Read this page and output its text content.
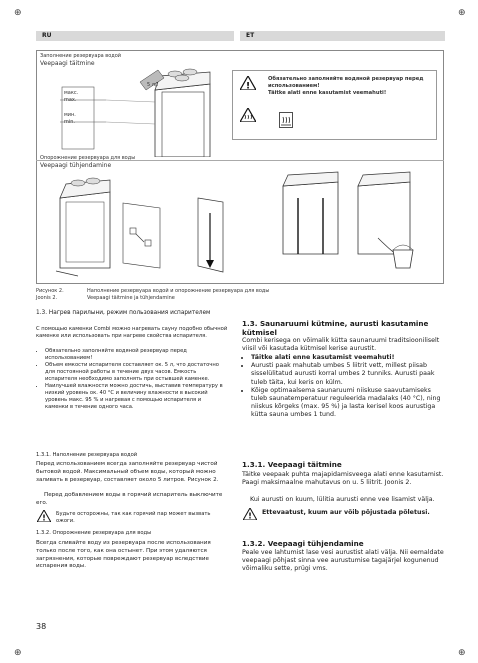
⊕	⊕
⊕	⊕
RU	ET
Заполнение резервуара водой
Veepaagi täitmine
5 л/l
макс.
max.
мин.
min.
!
Обязательно заполняйте водяной резервуар перед использованием!
Täitke alati enne kasutamist veemahuti!
Опорожнение резервуара для воды
Veepaagi tühjendamine
Рисунок 2.	Наполнение резервуара водой и опорожнение резервуара для воды
Joonis 2.	Veepaagi täitmine ja tühjendamine
1.3. Нагрев парилыни, режим пользования испарителем
С помощью каменки Combi можно нагревать сауну подобно обычной каменке или использовать при нагреве свойства испарителя.
• Обязательно заполняйте водяной резервуар перед использованием!
• Объем емкости испарителя составляет ок. 5 л, что достаточно для постоянной работы в течение двух часов. Емкость испарителя необходимо заполнять при остывшей каменке.
• Наилучшей влажности можно достичь, выставив температуру в низкий уровень ок. 40 °C и величину влажности в высокий уровень макс. 95 % и нагревая с помощью испарителя и каменки в течение одного часа.
1.3.1. Наполнение резервуара водой
Перед использованием всегда заполняйте резервуар чистой бытовой водой. Максимальный объем воды, который можно заливать в резервуар, составляет около 5 литров. Рисунок 2.
Перед добавлением воды в горячий испаритель выключите его.
! Будьте осторожны, так как горячий пар может вызвать ожоги.
1.3.2. Опорожнение резервуара для воды
Всегда сливайте воду из резервуара после использования только после того, как она остынет. При этом удаляются загрязнения, которые повреждают резервуар вследствие испарения воды.
1.3. Saunaruumi kütmine, aurusti kasutamine kütmisel
Combi kerisega on võimalik kütta saunaruumi traditsiooniliselt viisil või kasutada kütmisel kerise aurustit.
• Täitke alati enne kasutamist veemahuti!
• Aurusti paak mahutab umbes 5 liitrit vett, millest piisab sisselülitatud aurusti korral umbes 2 tunniks. Aurusti paak tuleb täita, kui keris on külm.
• Kõige optimaalsema saunaruumi niiskuse saavutamiseks tuleb saunatemperatuur reguleerida madalaks (40 °C), ning niiskus kõrgeks (max. 95 %) ja lasta kerisel koos aurustiga kütta sauna umbes 1 tund.
1.3.1. Veepaagi täitmine
Täitke veepaak puhta majapidamisveega alati enne kasutamist. Paagi maksimaalne mahutavus on u. 5 liitrit. Joonis 2.
Kui aurusti on kuum, lülitia aurusti enne vee lisamist välja.
! Ettevaatust, kuum aur võib põjustada põletusi.
1.3.2. Veepaagi tühjendamine
Peale vee lahtumist lase vesi aurustist alati välja. Nii eemaldate veepaagi põhjast sinna vee aurustumise tagajärjel kogunenud võimaliku sette, prügi vms.
38
